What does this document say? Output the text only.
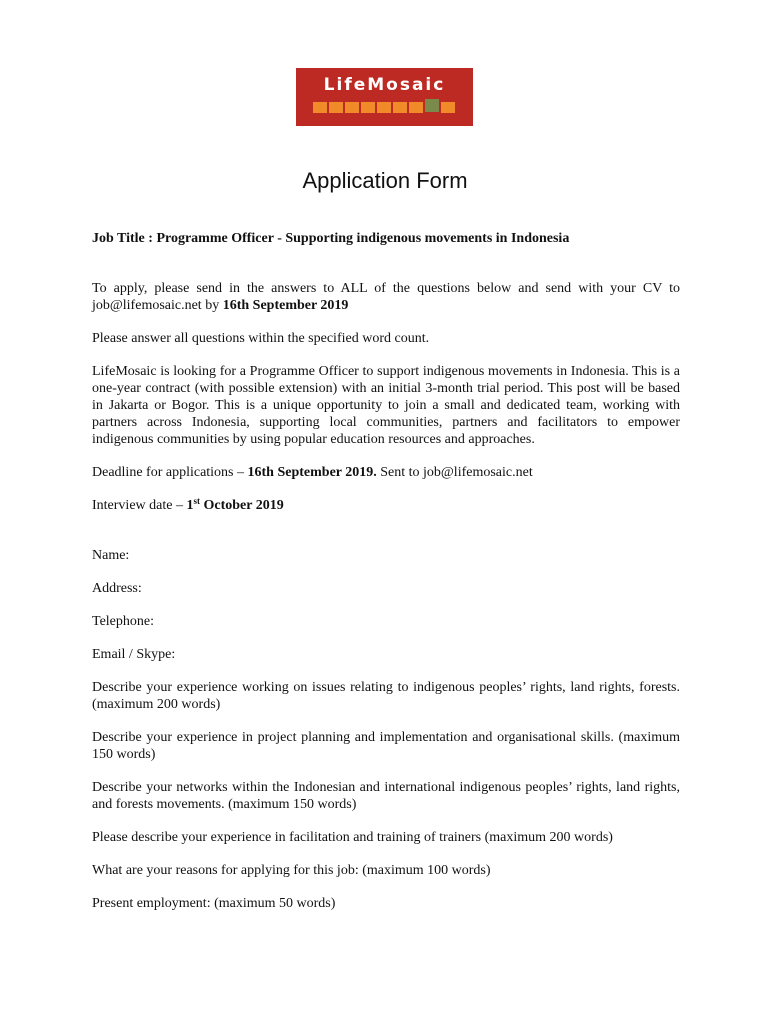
LifeMosaic
Application Form

Job Title : Programme Officer - Supporting indigenous movements in Indonesia

To apply, please send in the answers to ALL of the questions below and send with your CV to job@lifemosaic.net by 16th September 2019

Please answer all questions within the specified word count.

LifeMosaic is looking for a Programme Officer to support indigenous movements in Indonesia. This is a one-year contract (with possible extension) with an initial 3-month trial period. This post will be based in Jakarta or Bogor. This is a unique opportunity to join a small and dedicated team, working with partners across Indonesia, supporting local communities, partners and facilitators to empower indigenous communities by using popular education resources and approaches.

Deadline for applications – 16th September 2019. Sent to job@lifemosaic.net

Interview date – 1st October 2019

Name:

Address:

Telephone:

Email / Skype:

Describe your experience working on issues relating to indigenous peoples’ rights, land rights, forests. (maximum 200 words)

Describe your experience in project planning and implementation and organisational skills. (maximum 150 words)

Describe your networks within the Indonesian and international indigenous peoples’ rights, land rights, and forests movements. (maximum 150 words)

Please describe your experience in facilitation and training of trainers (maximum 200 words)

What are your reasons for applying for this job: (maximum 100 words)

Present employment: (maximum 50 words)
